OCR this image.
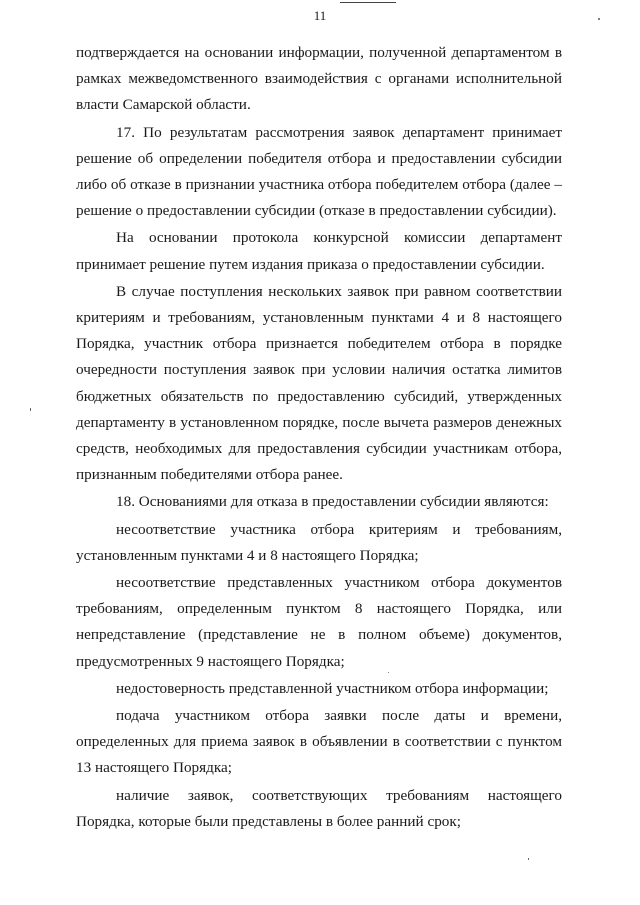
11

подтверждается на основании информации, полученной департаментом в рамках межведомственного взаимодействия с органами исполнительной власти Самарской области.

17. По результатам рассмотрения заявок департамент принимает решение об определении победителя отбора и предоставлении субсидии либо об отказе в признании участника отбора победителем отбора (далее – решение о предоставлении субсидии (отказе в предоставлении субсидии).

На основании протокола конкурсной комиссии департамент принимает решение путем издания приказа о предоставлении субсидии.

В случае поступления нескольких заявок при равном соответствии критериям и требованиям, установленным пунктами 4 и 8 настоящего Порядка, участник отбора признается победителем отбора в порядке очередности поступления заявок при условии наличия остатка лимитов бюджетных обязательств по предоставлению субсидий, утвержденных департаменту в установленном порядке, после вычета размеров денежных средств, необходимых для предоставления субсидии участникам отбора, признанным победителями отбора ранее.

18. Основаниями для отказа в предоставлении субсидии являются:

несоответствие участника отбора критериям и требованиям, установленным пунктами 4 и 8 настоящего Порядка;

несоответствие представленных участником отбора документов требованиям, определенным пунктом 8 настоящего Порядка, или непредставление (представление не в полном объеме) документов, предусмотренных 9 настоящего Порядка;

недостоверность представленной участником отбора информации;

подача участником отбора заявки после даты и времени, определенных для приема заявок в объявлении в соответствии с пунктом 13 настоящего Порядка;

наличие заявок, соответствующих требованиям настоящего Порядка, которые были представлены в более ранний срок;
